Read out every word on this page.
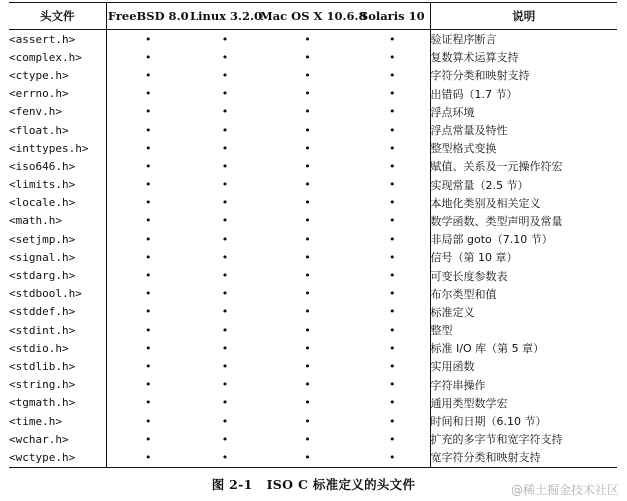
头文件	FreeBSD 8.0	Linux 3.2.0	Mac OS X 10.6.8	Solaris 10	说明
<assert.h>	•	•	•	•	验证程序断言
<complex.h>	•	•	•	•	复数算术运算支持
<ctype.h>	•	•	•	•	字符分类和映射支持
<errno.h>	•	•	•	•	出错码（1.7 节）
<fenv.h>	•	•	•	•	浮点环境
<float.h>	•	•	•	•	浮点常量及特性
<inttypes.h>	•	•	•	•	整型格式变换
<iso646.h>	•	•	•	•	赋值、关系及一元操作符宏
<limits.h>	•	•	•	•	实现常量（2.5 节）
<locale.h>	•	•	•	•	本地化类别及相关定义
<math.h>	•	•	•	•	数学函数、类型声明及常量
<setjmp.h>	•	•	•	•	非局部 goto（7.10 节）
<signal.h>	•	•	•	•	信号（第 10 章）
<stdarg.h>	•	•	•	•	可变长度参数表
<stdbool.h>	•	•	•	•	布尔类型和值
<stddef.h>	•	•	•	•	标准定义
<stdint.h>	•	•	•	•	整型
<stdio.h>	•	•	•	•	标准 I/O 库（第 5 章）
<stdlib.h>	•	•	•	•	实用函数
<string.h>	•	•	•	•	字符串操作
<tgmath.h>	•	•	•	•	通用类型数学宏
<time.h>	•	•	•	•	时间和日期（6.10 节）
<wchar.h>	•	•	•	•	扩充的多字节和宽字符支持
<wctype.h>	•	•	•	•	宽字符分类和映射支持
图 2-1 ISO C 标准定义的头文件	@稀土掘金技术社区
